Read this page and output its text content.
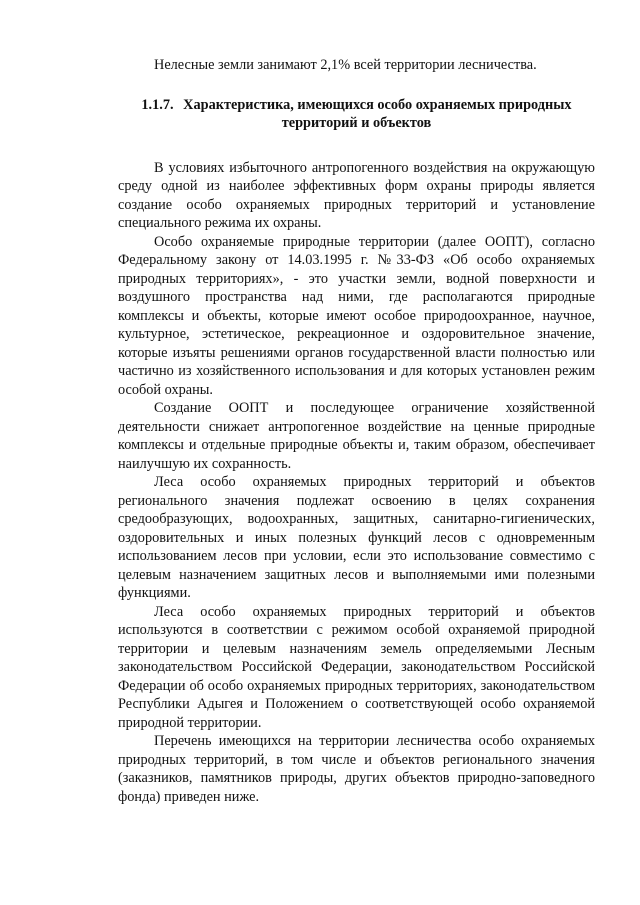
Нелесные земли занимают 2,1% всей территории лесничества.

1.1.7. Характеристика, имеющихся особо охраняемых природных территорий и объектов

В условиях избыточного антропогенного воздействия на окружающую среду одной из наиболее эффективных форм охраны природы является создание особо охраняемых природных территорий и установление специального режима их охраны.

Особо охраняемые природные территории (далее ООПТ), согласно Федеральному закону от 14.03.1995 г. №33-ФЗ «Об особо охраняемых природных территориях», - это участки земли, водной поверхности и воздушного пространства над ними, где располагаются природные комплексы и объекты, которые имеют особое природоохранное, научное, культурное, эстетическое, рекреационное и оздоровительное значение, которые изъяты решениями органов государственной власти полностью или частично из хозяйственного использования и для которых установлен режим особой охраны.

Создание ООПТ и последующее ограничение хозяйственной деятельности снижает антропогенное воздействие на ценные природные комплексы и отдельные природные объекты и, таким образом, обеспечивает наилучшую их сохранность.

Леса особо охраняемых природных территорий и объектов регионального значения подлежат освоению в целях сохранения средообразующих, водоохранных, защитных, санитарно-гигиенических, оздоровительных и иных полезных функций лесов с одновременным использованием лесов при условии, если это использование совместимо с целевым назначением защитных лесов и выполняемыми ими полезными функциями.

Леса особо охраняемых природных территорий и объектов используются в соответствии с режимом особой охраняемой природной территории и целевым назначениям земель определяемыми Лесным законодательством Российской Федерации, законодательством Российской Федерации об особо охраняемых природных территориях, законодательством Республики Адыгея и Положением о соответствующей особо охраняемой природной территории.

Перечень имеющихся на территории лесничества особо охраняемых природных территорий, в том числе и объектов регионального значения (заказников, памятников природы, других объектов природно-заповедного фонда) приведен ниже.
